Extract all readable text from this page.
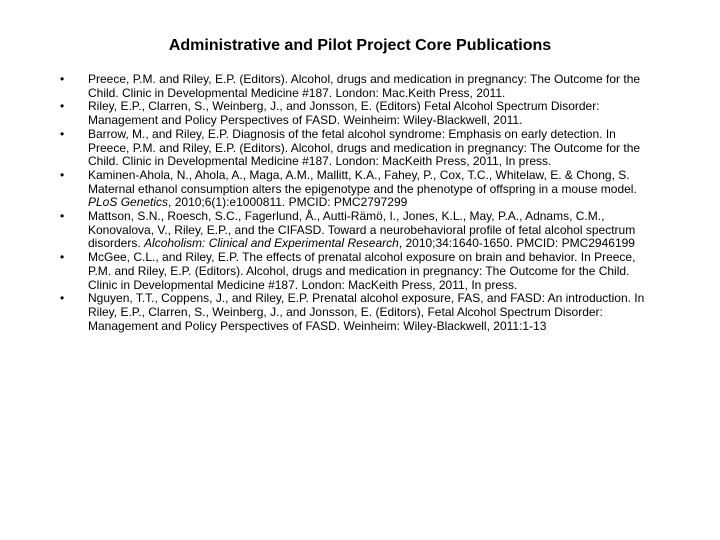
Administrative and Pilot Project Core Publications
• Preece, P.M. and Riley, E.P. (Editors). Alcohol, drugs and medication in pregnancy: The Outcome for the Child. Clinic in Developmental Medicine #187. London: Mac.Keith Press, 2011.
• Riley, E.P., Clarren, S., Weinberg, J., and Jonsson, E. (Editors) Fetal Alcohol Spectrum Disorder: Management and Policy Perspectives of FASD. Weinheim: Wiley-Blackwell, 2011.
• Barrow, M., and Riley, E.P. Diagnosis of the fetal alcohol syndrome: Emphasis on early detection. In Preece, P.M. and Riley, E.P. (Editors). Alcohol, drugs and medication in pregnancy: The Outcome for the Child. Clinic in Developmental Medicine #187. London: MacKeith Press, 2011, In press.
• Kaminen-Ahola, N., Ahola, A., Maga, A.M., Mallitt, K.A., Fahey, P., Cox, T.C., Whitelaw, E. & Chong, S. Maternal ethanol consumption alters the epigenotype and the phenotype of offspring in a mouse model. PLoS Genetics, 2010;6(1):e1000811. PMCID: PMC2797299
• Mattson, S.N., Roesch, S.C., Fagerlund, Å., Autti-Rämö, I., Jones, K.L., May, P.A., Adnams, C.M., Konovalova, V., Riley, E.P., and the CIFASD. Toward a neurobehavioral profile of fetal alcohol spectrum disorders. Alcoholism: Clinical and Experimental Research, 2010;34:1640-1650. PMCID: PMC2946199
• McGee, C.L., and Riley, E.P. The effects of prenatal alcohol exposure on brain and behavior. In Preece, P.M. and Riley, E.P. (Editors). Alcohol, drugs and medication in pregnancy: The Outcome for the Child. Clinic in Developmental Medicine #187. London: MacKeith Press, 2011, In press.
• Nguyen, T.T., Coppens, J., and Riley, E.P. Prenatal alcohol exposure, FAS, and FASD: An introduction. In Riley, E.P., Clarren, S., Weinberg, J., and Jonsson, E. (Editors), Fetal Alcohol Spectrum Disorder: Management and Policy Perspectives of FASD. Weinheim: Wiley-Blackwell, 2011:1-13
